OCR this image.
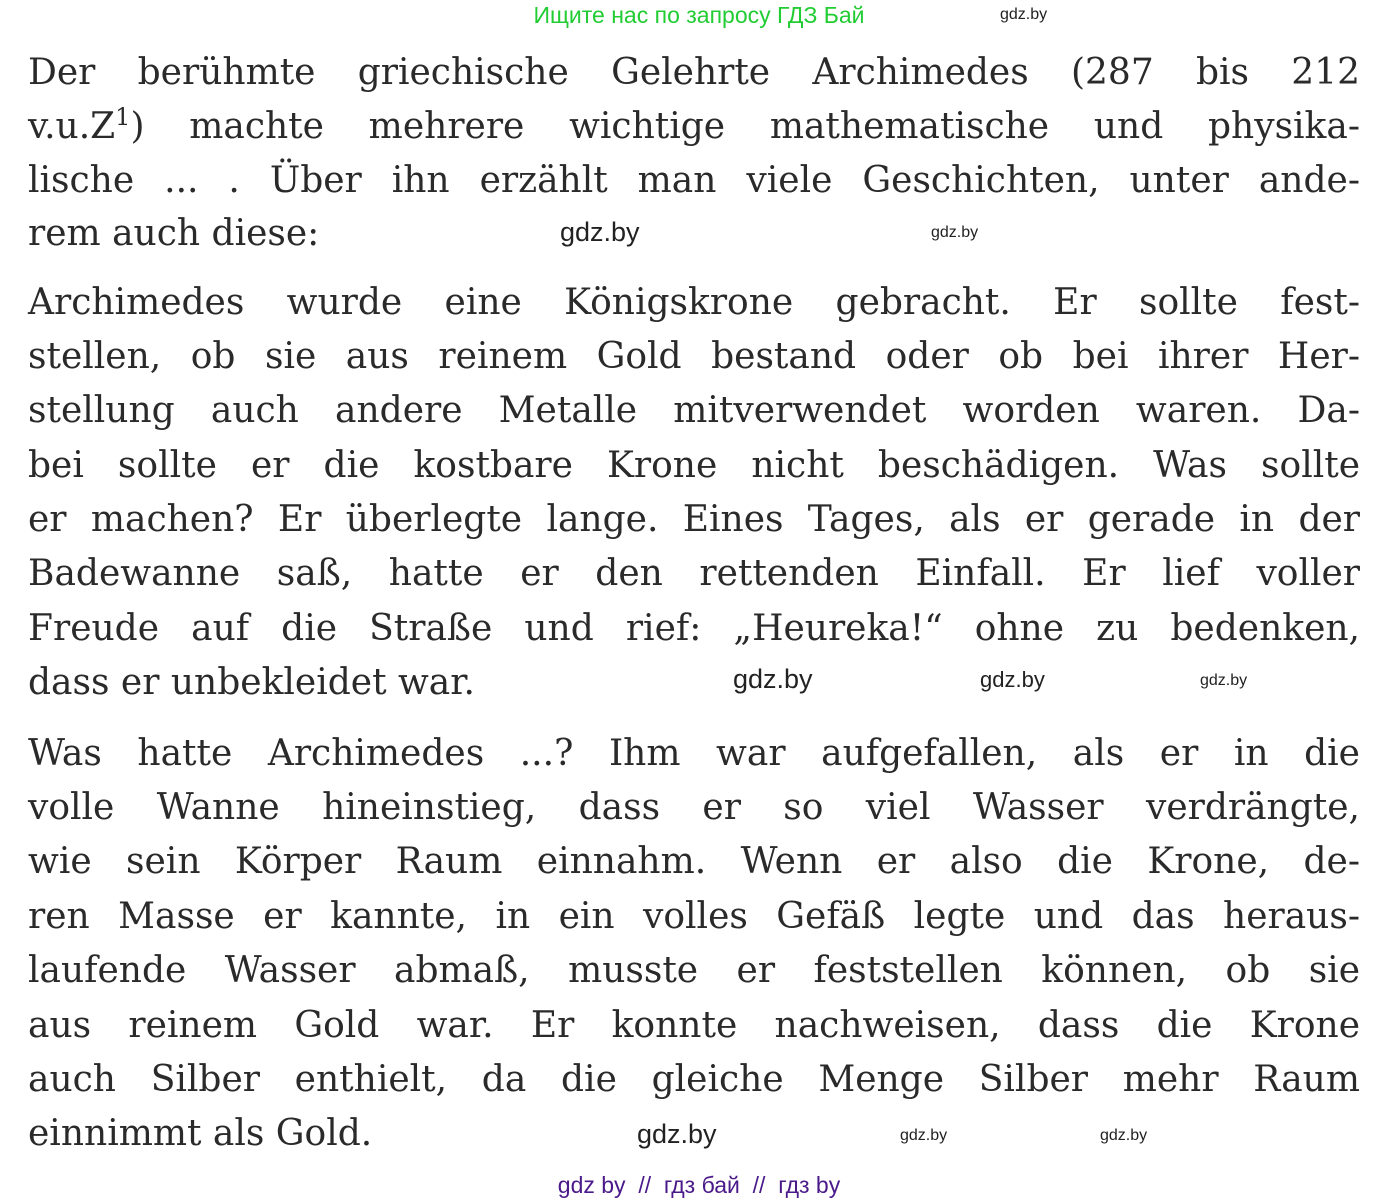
Ищите нас по запросу ГДЗ Бай
Der berühmte griechische Gelehrte Archimedes (287 bis 212
$v.u.Z^1$) machte mehrere wichtige mathematische und physika-
lische ... . Über ihn erzählt man viele Geschichten, unter ande-
rem auch diese:
Archimedes wurde eine Königskrone gebracht. Er sollte fest-
stellen, ob sie aus reinem Gold bestand oder ob bei ihrer Her-
stellung auch andere Metalle mitverwendet worden waren. Da-
bei sollte er die kostbare Krone nicht beschädigen. Was sollte
er machen? Er überlegte lange. Eines Tages, als er gerade in der
Badewanne saß, hatte er den rettenden Einfall. Er lief voller
Freude auf die Straße und rief: „Heureka!“ ohne zu bedenken,
dass er unbekleidet war.
Was hatte Archimedes ...? Ihm war aufgefallen, als er in die
volle Wanne hineinstieg, dass er so viel Wasser verdrängte,
wie sein Körper Raum einnahm. Wenn er also die Krone, de-
ren Masse er kannte, in ein volles Gefäß legte und das heraus-
laufende Wasser abmaß, musste er feststellen können, ob sie
aus reinem Gold war. Er konnte nachweisen, dass die Krone
auch Silber enthielt, da die gleiche Menge Silber mehr Raum
einnimmt als Gold.
gdz.by
gdz.by
gdz.by
gdz.by
gdz.by	gdz.by
gdz.by	gdz.by
gdz.by
gdz by  //  гдз бай  //  гдз by
